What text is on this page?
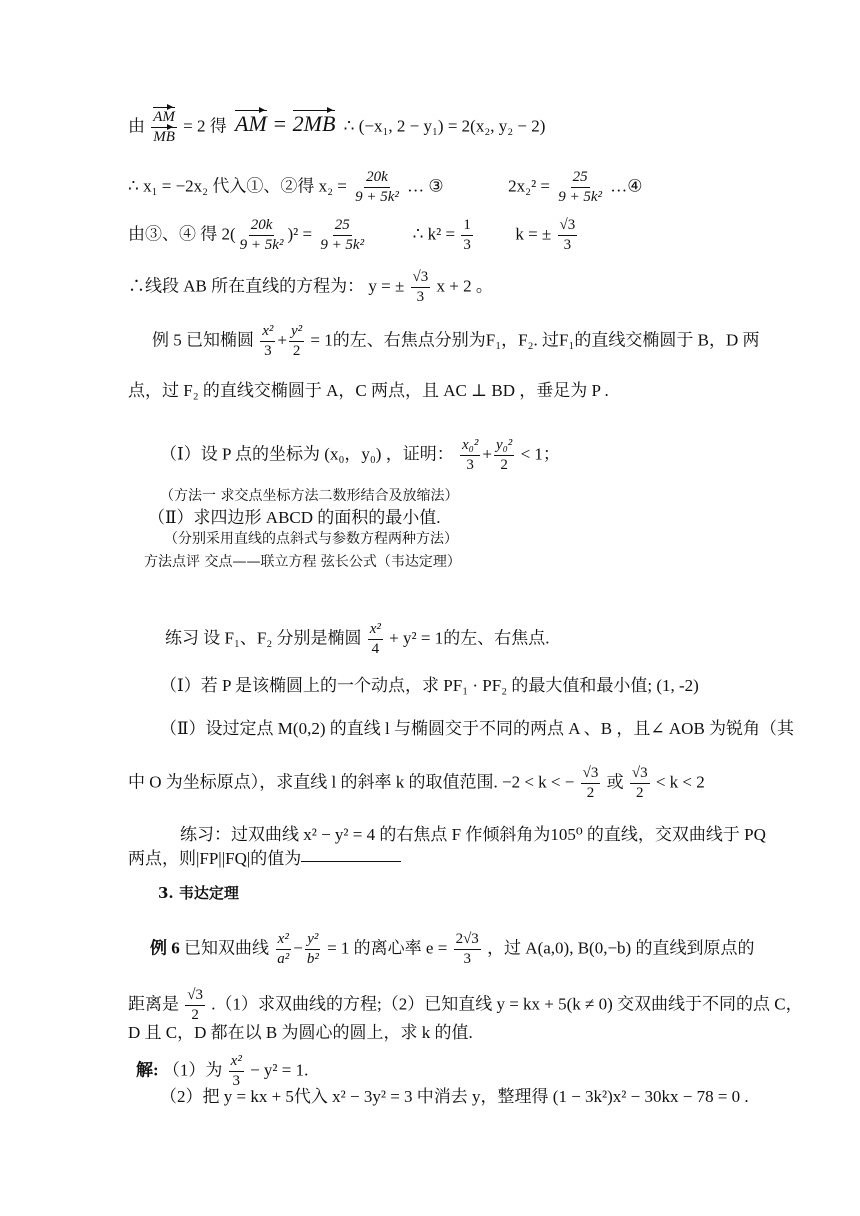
由 $\frac{AM}{MB} = 2$ 得 AM = 2MB ∴ (−x₁, 2 − y₁) = 2(x₂, y₂ − 2)
∴ x₁ = −2x₂ 代入①、②得 $x_2 = \frac{20k}{\text{9 + 5k²}}$ … ③	$2x_2^2 = \frac{25}{\text{9 + 5k²}}$ …④
由③、④ 得 $2( \frac{20k}{\text{9 + 5k²}} )^2 = \frac{25}{\text{9 + 5k²}}$	∴ $k^2 = \frac{1}{3}$	k = ± $\frac{√3}{3}$
∴线段 AB 所在直线的方程为： y = ± $\frac{√3}{3}$ x + 2 。
例 5 已知椭圆 $\frac{\text{x²}}{3} + \frac{\text{y²}}{2} = 1$的左、右焦点分别为F₁，F₂. 过F₁的直线交椭圆于 B，D 两
点，过 F₂ 的直线交椭圆于 A，C 两点，且 AC ⊥ BD ，垂足为 P .
（Ⅰ）设 P 点的坐标为 (x₀，y₀) ，证明： $\frac{\text{x₀²}}{3} + \frac{\text{y₀²}}{2} < 1$；
（方法一 求交点坐标方法二数形结合及放缩法）
（Ⅱ）求四边形 ABCD 的面积的最小值.
（分别采用直线的点斜式与参数方程两种方法）
方法点评 交点——联立方程 弦长公式（韦达定理）
练习 设 F₁、F₂ 分别是椭圆 $\frac{\text{x²}}{4} + y^2 = 1$的左、右焦点.
（Ⅰ）若 P 是该椭圆上的一个动点，求 PF₁ · PF₂ 的最大值和最小值; (1, -2)
（Ⅱ）设过定点 M(0,2) 的直线 l 与椭圆交于不同的两点 A 、B ，且∠ AOB 为锐角（其
中 O 为坐标原点），求直线 l 的斜率 k 的取值范围. −2 < k < − $\frac{√3}{2}$ 或 $\frac{√3}{2} < k < 2$
练习：过双曲线 x² − y² = 4 的右焦点 F 作倾斜角为105⁰ 的直线，交双曲线于 PQ
两点，则|FP||FQ|的值为
3. 韦达定理
例 6 已知双曲线 $\frac{\text{x²}}{\text{a²}} - \frac{\text{y²}}{\text{b²}} = 1$ 的离心率 $e = \frac{2√3}{3}$ ，过 A(a,0), B(0,−b) 的直线到原点的
距离是 $\frac{√3}{2} .(1)$求双曲线的方程;（2）已知直线 y = kx + 5(k ≠ 0) 交双曲线于不同的点 C，
D 且 C，D 都在以 B 为圆心的圆上，求 k 的值.
解: （1）为 $\frac{\text{x²}}{3} - y^2 = 1$.
（2）把 y = kx + 5代入 x² − 3y² = 3 中消去 y，整理得 (1 − 3k²)x² − 30kx − 78 = 0 .
